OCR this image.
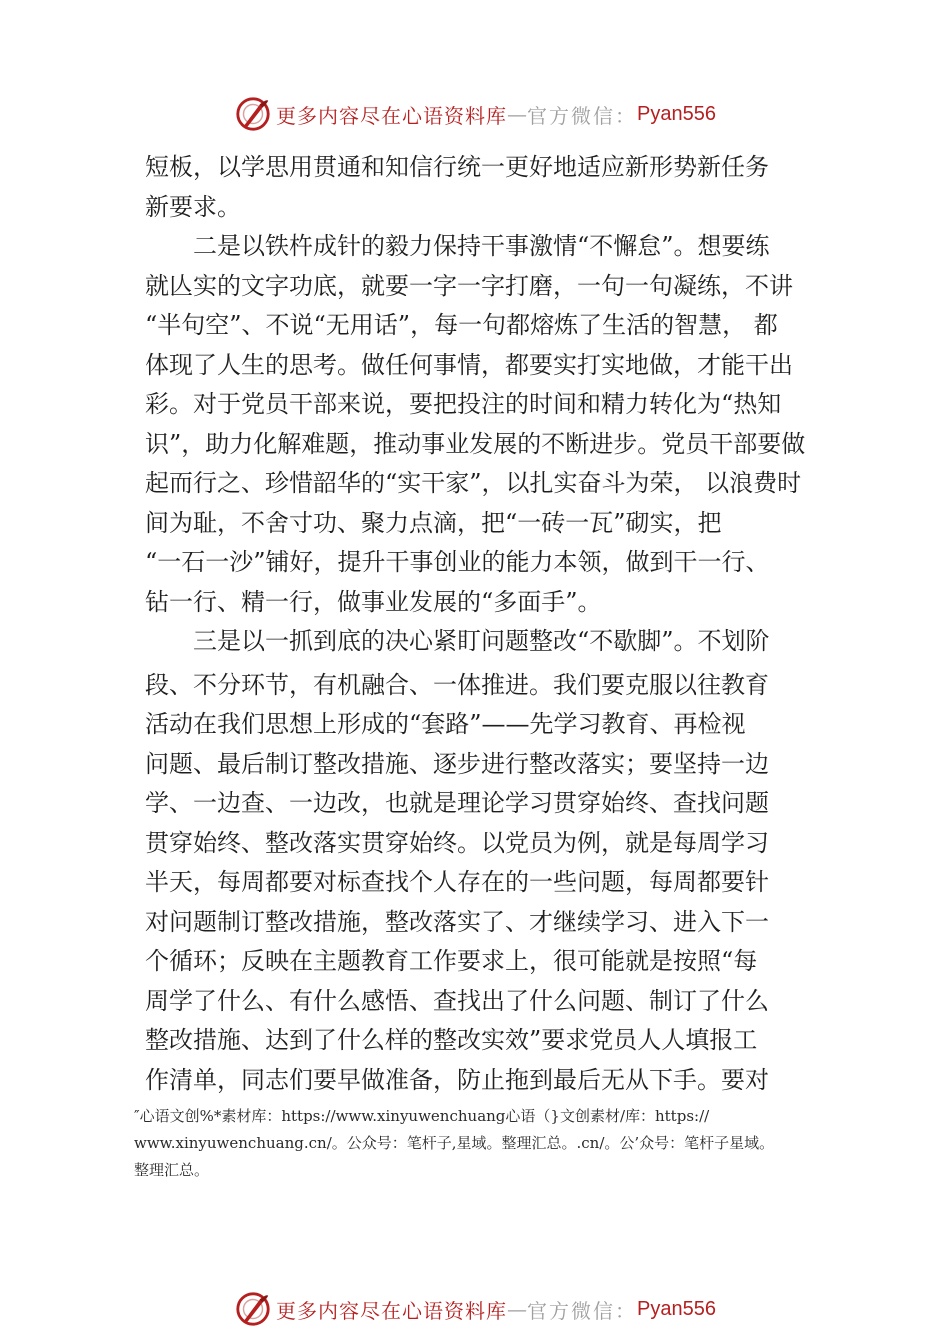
更多内容尽在心语资料库 — 官方微信： Pyan556
短板，以学思用贯通和知信行统一更好地适应新形势新任务
新要求。
二是以铁杵成针的毅力保持干事激情“不懈怠”。想要练
就亾实的文字功底，就要一字一字打磨，一句一句凝练，不讲
“半句空”、不说“无用话”，每一句都熔炼了生活的智慧， 都
体现了人生的思考。做任何事情，都要实打实地做，才能干出
彩。对于党员干部来说，要把投注的时间和精力转化为“热知
识”，助力化解难题，推动事业发展的不断进步。党员干部要做
起而行之、珍惜韶华的“实干家”，以扎实奋斗为荣， 以浪费时
间为耻，不舍寸功、聚力点滴，把“一砖一瓦”砌实，把
“一石一沙”铺好，提升干事创业的能力本领，做到干一行、
钻一行、精一行，做事业发展的“多面手”。
三是以一抓到底的决心紧盯问题整改“不歇脚”。不划阶
段、不分环节，有机融合、一体推进。我们要克服以往教育
活动在我们思想上形成的“套路”——先学习教育、再检视
问题、最后制订整改措施、逐步进行整改落实；要坚持一边
学、一边查、一边改，也就是理论学习贯穿始终、查找问题
贯穿始终、整改落实贯穿始终。以党员为例，就是每周学习
半天，每周都要对标查找个人存在的一些问题，每周都要针
对问题制订整改措施，整改落实了、才继续学习、进入下一
个循环；反映在主题教育工作要求上，很可能就是按照“每
周学了什么、有什么感悟、查找出了什么问题、制订了什么
整改措施、达到了什么样的整改实效”要求党员人人填报工
作清单，同志们要早做准备，防止拖到最后无从下手。要对
″心语文创%*素材库：https://www.xinyuwenchuang心语（}文创素材/库：https://
www.xinyuwenchuang.cn/。公众号：笔杆子,星域。整理汇总。.cn/。公’众号：笔杆子星域。
整理汇总。
更多内容尽在心语资料库 — 官方微信： Pyan556
